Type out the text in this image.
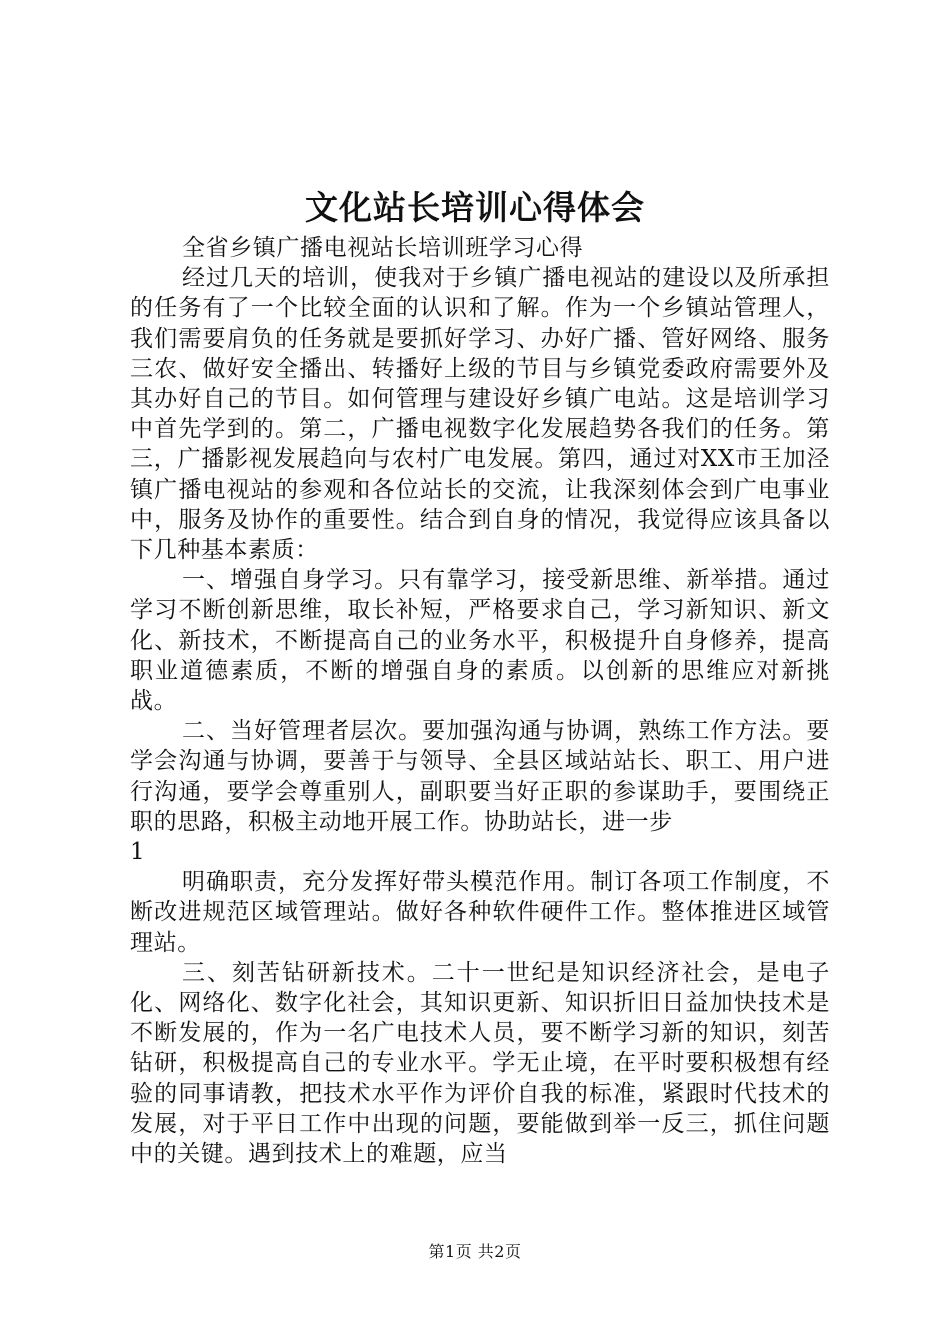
文化站长培训心得体会

全省乡镇广播电视站长培训班学习心得

经过几天的培训，使我对于乡镇广播电视站的建设以及所承担的任务有了一个比较全面的认识和了解。作为一个乡镇站管理人，我们需要肩负的任务就是要抓好学习、办好广播、管好网络、服务三农、做好安全播出、转播好上级的节目与乡镇党委政府需要外及其办好自己的节目。如何管理与建设好乡镇广电站。这是培训学习中首先学到的。第二，广播电视数字化发展趋势各我们的任务。第三，广播影视发展趋向与农村广电发展。第四，通过对XX市王加泾镇广播电视站的参观和各位站长的交流，让我深刻体会到广电事业中，服务及协作的重要性。结合到自身的情况，我觉得应该具备以下几种基本素质：

一、增强自身学习。只有靠学习，接受新思维、新举措。通过学习不断创新思维，取长补短，严格要求自己，学习新知识、新文化、新技术，不断提高自己的业务水平，积极提升自身修养，提高职业道德素质，不断的增强自身的素质。以创新的思维应对新挑战。

二、当好管理者层次。要加强沟通与协调，熟练工作方法。要学会沟通与协调，要善于与领导、全县区域站站长、职工、用户进行沟通，要学会尊重别人，副职要当好正职的参谋助手，要围绕正职的思路，积极主动地开展工作。协助站长，进一步

1

明确职责，充分发挥好带头模范作用。制订各项工作制度，不断改进规范区域管理站。做好各种软件硬件工作。整体推进区域管理站。

三、刻苦钻研新技术。二十一世纪是知识经济社会，是电子化、网络化、数字化社会，其知识更新、知识折旧日益加快技术是不断发展的，作为一名广电技术人员，要不断学习新的知识，刻苦钻研，积极提高自己的专业水平。学无止境，在平时要积极想有经验的同事请教，把技术水平作为评价自我的标准，紧跟时代技术的发展，对于平日工作中出现的问题，要能做到举一反三，抓住问题中的关键。遇到技术上的难题，应当

第1页 共2页
